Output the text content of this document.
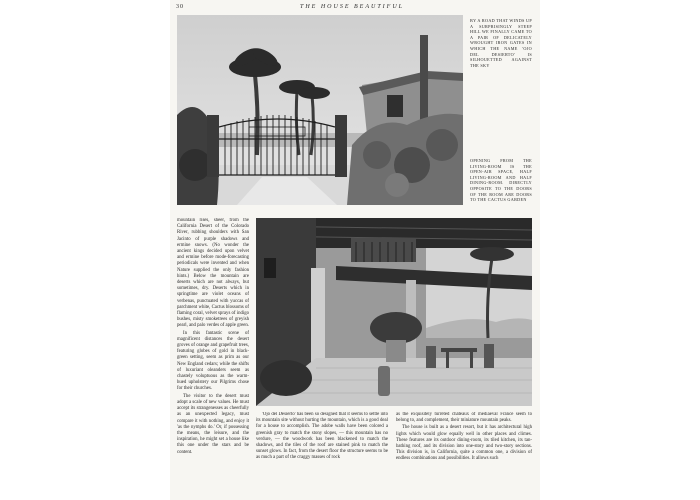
30	THE HOUSE BEAUTIFUL
BY A ROAD THAT WINDS UP A SURPRISINGLY STEEP HILL WE FINALLY CAME TO A PAIR OF DELICATELY WROUGHT IRON GATES IN WHICH THE NAME 'OJO DEL DESIERTO' IS SILHOUETTED AGAINST THE SKY
OPENING FROM THE LIVING-ROOM IS THE OPEN-AIR SPACE, HALF LIVING-ROOM AND HALF DINING-ROOM. DIRECTLY OPPOSITE TO THE DOORS OF THE ROOM ARE DOORS TO THE CACTUS GARDEN

mountain rises, sheer, from the California Desert of the Colorado River, rubbing shoulders with San Jacinto of purple shadows and ermine snows. (No wonder the ancient kings decided upon velvet and ermine before mode-forecasting periodicals were invented and when Nature supplied the only fashion hints.) Below the mountain are deserts which are not always, but sometimes, dry. Deserts which in springtime are violet oceans of verbenas, punctuated with yuccas of parchment white, Cactus blossoms of flaming coral, velvet sprays of indigo bushes, misty smoketrees of greyish pearl, and palo verdes of apple green.

In this fantastic scene of magnificent distances the desert groves of orange and grapefruit trees, featuring globes of gold in black-green setting, seem as prim as our New England cedars; while the shifts of luxuriant oleanders seem as chastely voluptuous as the warm-hued upholstery our Pilgrims chose for their churches.

The visitor to the desert must adopt a scale of new values. He must accept its strangenesses as cheerfully as an unexpected legacy, must compare it with nothing, and enjoy it 'as the nymphs do.' Or, if possessing the means, the leisure, and the inspiration, he might set a house like this one under the stars and be content.

'Ojo del Desierto' has been so designed that it seems to settle into its mountain site without hurting the mountain, which is a good deal for a house to accomplish. The adobe walls have been colored a greenish gray to match the stony slopes, — this mountain has no verdure, — the woodwork has been blackened to match the shadows, and the tiles of the roof are stained pink to match the sunset glows. In fact, from the desert floor the structure seems to be as much a part of the craggy masses of rock

as the exquisitely turreted châteaux of mediaeval France seem to belong to, and complement, their miniature mountain peaks.

The house is built as a desert resort, but it has architectural high lights which would glow equally well in other places and climes. These features are its outdoor dining-room, its tiled kitchen, its tan-bathing roof, and its division into one-story and two-story sections. This division is, in California, quite a common one, a division of endless combinations and possibilities. It allows such
